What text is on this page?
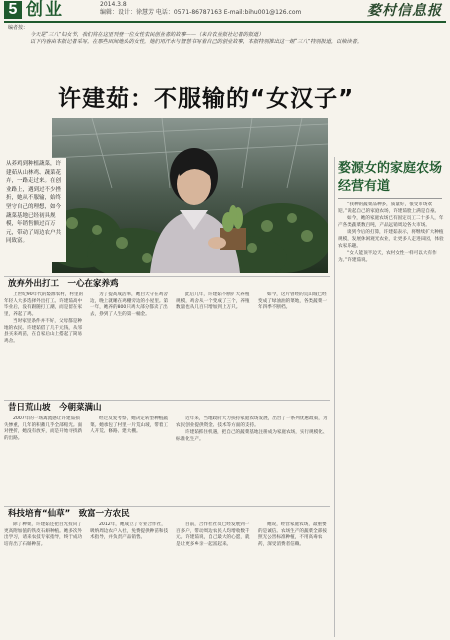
5 创业	2014.3.8
编辑：设计：徐慧芳 电话：0571-86787163 E-mail:bihu001@126.com	婺村信息报
编者按：

今天是“三八”妇女节，我们将在这里刊登一位女性农民创业者的故事——（来自农业报社记者的报道）

以下内容由本报记者采写。在那些田间地头的女性，她们用汗水与智慧书写着自己的创业故事，本报特别推出这一组“三八”特别报道，以飨读者。

许建茹：不服输的“女汉子”
从养鸡到种植蔬菜，许建茹从山林鸡、蔬菜花卉，一路走过来。在创业路上，遇到过不少挫折，她从不服输，始终坚守自己的理想，如今蔬菜基地已经初具规模，年销售额过百万元，带动了周边农户共同致富。
放弃外出打工　一心在家养鸡

上世纪90年代的婺源农村，村里的年轻人大多选择外出打工。许建茹高中毕业后，没有跟随打工潮，而是留在家里，养起了鸡。

当时家里条件并不好，父母都是种地的农民。许建茹借了几千元钱，从邻县买来鸡苗，在自家后山上搭起了简易鸡舍。

为了提高成活率，她白天守在鸡舍边，晚上就睡在鸡棚旁边的小屋里。第一年，她养的800只鸡大部分都卖了出去，挣到了人生的第一桶金。

此后几年，许建茹不断扩大养殖规模，鸡舍从一个变成了三个，养殖数量也从几百只增加到上万只。

如今，这片曾经的荒山坡已经变成了绿油油的菜地，各类蔬菜一年四季不断档。

昔日荒山坡　今朝菜满山

2007年的一场禽流感让许建茹损失惨重，几年的积蓄几乎全部赔光。面对挫折，她没有放弃，而是开始寻找新的出路。

经过反复考察，她决定转型种植蔬菜。她承包了村里一片荒山坡，带着工人开荒、修路、建大棚。

近年来，当地政府大力扶持家庭农场发展，出台了一系列优惠政策，为农民创业提供资金、技术等方面的支持。

许建茹抓住机遇，把自己的蔬菜基地注册成为家庭农场，实行规模化、标准化生产。

科技培育“仙草”　致富一方农民

除了种菜，许建茹还把目光投向了更高附加值的铁皮石斛种植。她多次外出学习，请来农技专家指导，终于成功培育出了石斛种苗。

2012年，她成立了专业合作社，吸纳周边农户入社，免费提供种苗和技术指导，并负责产品销售。

目前，合作社社员已经发展到一百多户，带动周边农民人均增收数千元。许建茹说，自己最大的心愿，就是让更多乡亲一起富起来。

她说，经营家庭农场，最重要的是诚信。农场生产的蔬菜全部按照无公害标准种植，不用高毒农药，深受消费者信赖。

婺源女的家庭农场
经营有道

“我种的蔬菜品种多，质量好，很受市场欢迎。”说起自己的家庭农场，许建茹脸上满是自豪。

如今，她的家庭农场已有固定员工二十多人，年产各类蔬菜数百吨，产品远销周边各大市场。

谈到今后的打算，许建茹表示，将继续扩大种植规模，发展休闲观光农业，让更多人走进田园，体验农家乐趣。

“女人能顶半边天，农村女性一样可以大有作为。”许建茹说。
